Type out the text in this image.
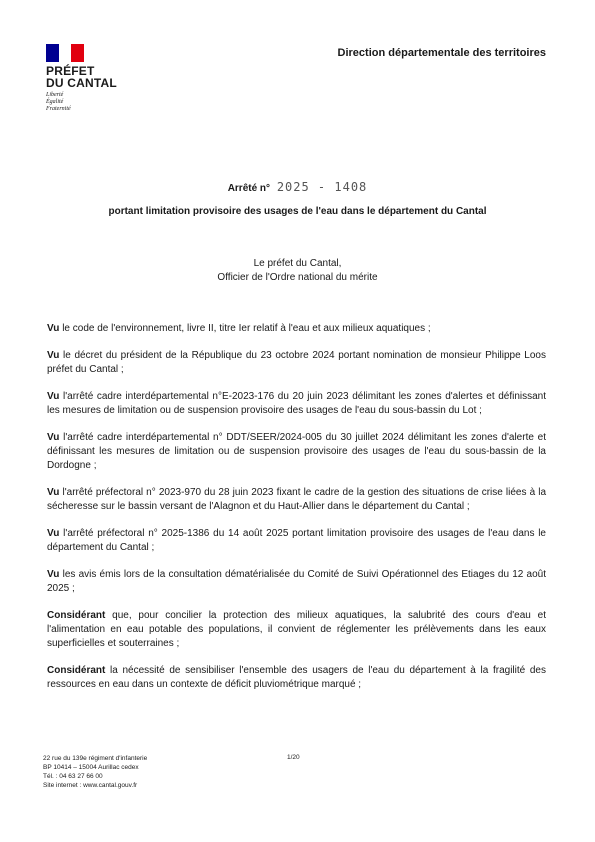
PRÉFET
DU CANTAL
Liberté
Égalité
Fraternité
Direction départementale des territoires
Arrêté n° 2025 - 1408
portant limitation provisoire des usages de l'eau dans le département du Cantal
Le préfet du Cantal,
Officier de l'Ordre national du mérite

Vu le code de l'environnement, livre II, titre Ier relatif à l'eau et aux milieux aquatiques ;

Vu le décret du président de la République du 23 octobre 2024 portant nomination de monsieur Philippe Loos préfet du Cantal ;

Vu l'arrêté cadre interdépartemental n°E-2023-176 du 20 juin 2023 délimitant les zones d'alertes et définissant les mesures de limitation ou de suspension provisoire des usages de l'eau du sous-bassin du Lot ;

Vu l'arrêté cadre interdépartemental n° DDT/SEER/2024-005 du 30 juillet 2024 délimitant les zones d'alerte et définissant les mesures de limitation ou de suspension provisoire des usages de l'eau du sous-bassin de la Dordogne ;

Vu l'arrêté préfectoral n° 2023-970 du 28 juin 2023 fixant le cadre de la gestion des situations de crise liées à la sécheresse sur le bassin versant de l'Alagnon et du Haut-Allier dans le département du Cantal ;

Vu l'arrêté préfectoral n° 2025-1386 du 14 août 2025 portant limitation provisoire des usages de l'eau dans le département du Cantal ;

Vu les avis émis lors de la consultation dématérialisée du Comité de Suivi Opérationnel des Etiages du 12 août 2025 ;

Considérant que, pour concilier la protection des milieux aquatiques, la salubrité des cours d'eau et l'alimentation en eau potable des populations, il convient de réglementer les prélèvements dans les eaux superficielles et souterraines ;

Considérant la nécessité de sensibiliser l'ensemble des usagers de l'eau du département à la fragilité des ressources en eau dans un contexte de déficit pluviométrique marqué ;

22 rue du 139e régiment d'infanterie
BP 10414 – 15004 Aurillac cedex
Tél. : 04 63 27 66 00
Site internet : www.cantal.gouv.fr
1/20
